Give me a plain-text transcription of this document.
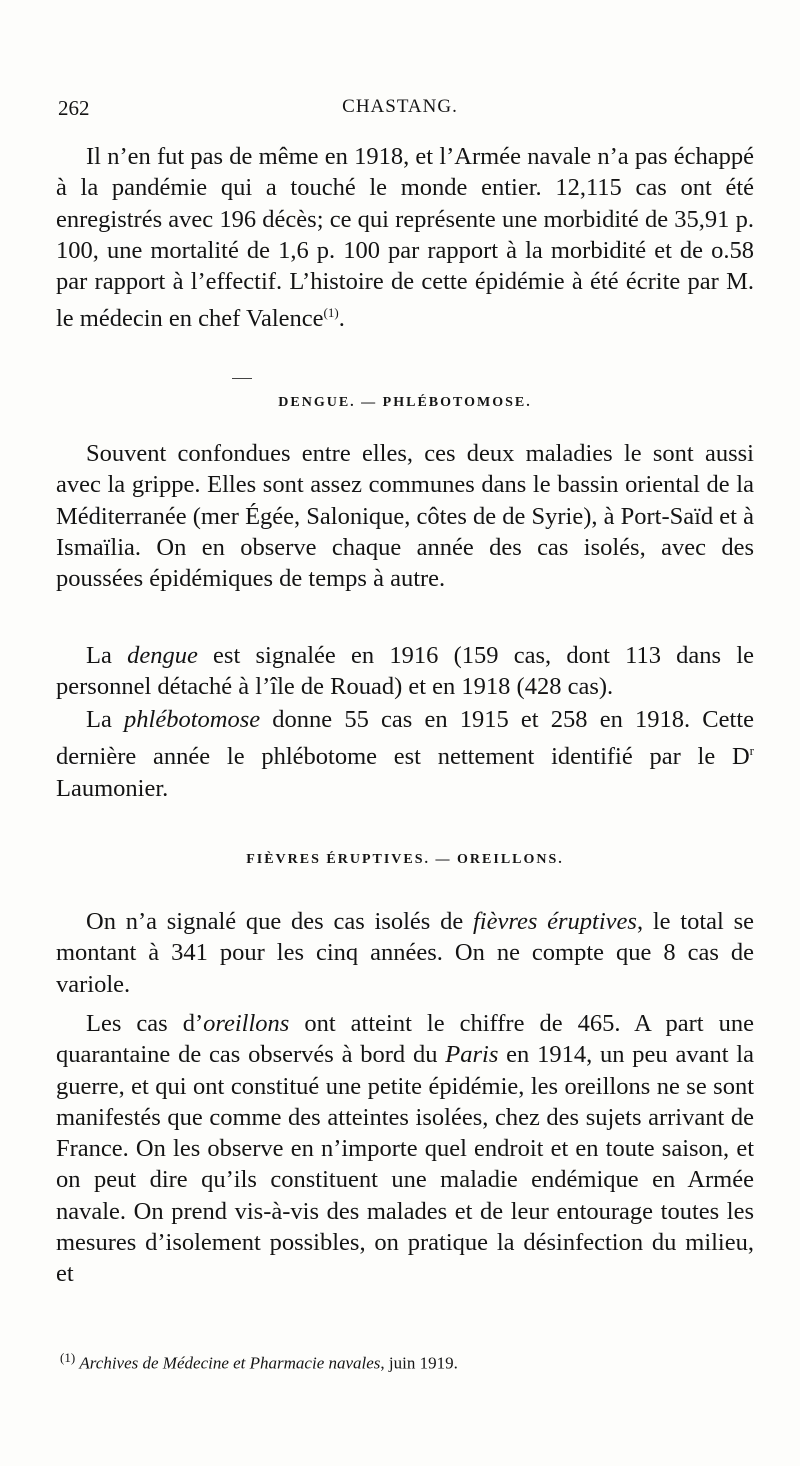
262	CHASTANG.

Il n’en fut pas de même en 1918, et l’Armée navale n’a pas échappé à la pandémie qui a touché le monde entier. 12,115 cas ont été enregistrés avec 196 décès; ce qui représente une morbidité de 35,91 p. 100, une mortalité de 1,6 p. 100 par rapport à la morbidité et de o.58 par rapport à l’effectif. L’histoire de cette épidémie à été écrite par M. le médecin en chef Valence$^{(1)}$.

DENGUE. — PHLÉBOTOMOSE.

Souvent confondues entre elles, ces deux maladies le sont aussi avec la grippe. Elles sont assez communes dans le bassin oriental de la Méditerranée (mer Égée, Salonique, côtes de de Syrie), à Port-Saïd et à Ismaïlia. On en observe chaque année des cas isolés, avec des poussées épidémiques de temps à autre.

La dengue est signalée en 1916 (159 cas, dont 113 dans le personnel détaché à l’île de Rouad) et en 1918 (428 cas).

La phlébotomose donne 55 cas en 1915 et 258 en 1918. Cette dernière année le phlébotome est nettement identifié par le $D^r$ Laumonier.

FIÈVRES ÉRUPTIVES. — OREILLONS.

On n’a signalé que des cas isolés de fièvres éruptives, le total se montant à 341 pour les cinq années. On ne compte que 8 cas de variole.

Les cas d’oreillons ont atteint le chiffre de 465. A part une quarantaine de cas observés à bord du Paris en 1914, un peu avant la guerre, et qui ont constitué une petite épidémie, les oreillons ne se sont manifestés que comme des atteintes isolées, chez des sujets arrivant de France. On les observe en n’importe quel endroit et en toute saison, et on peut dire qu’ils constituent une maladie endémique en Armée navale. On prend vis-à-vis des malades et de leur entourage toutes les mesures d’isolement possibles, on pratique la désinfection du milieu, et

$^{(1)}$ Archives de Médecine et Pharmacie navales, juin 1919.
